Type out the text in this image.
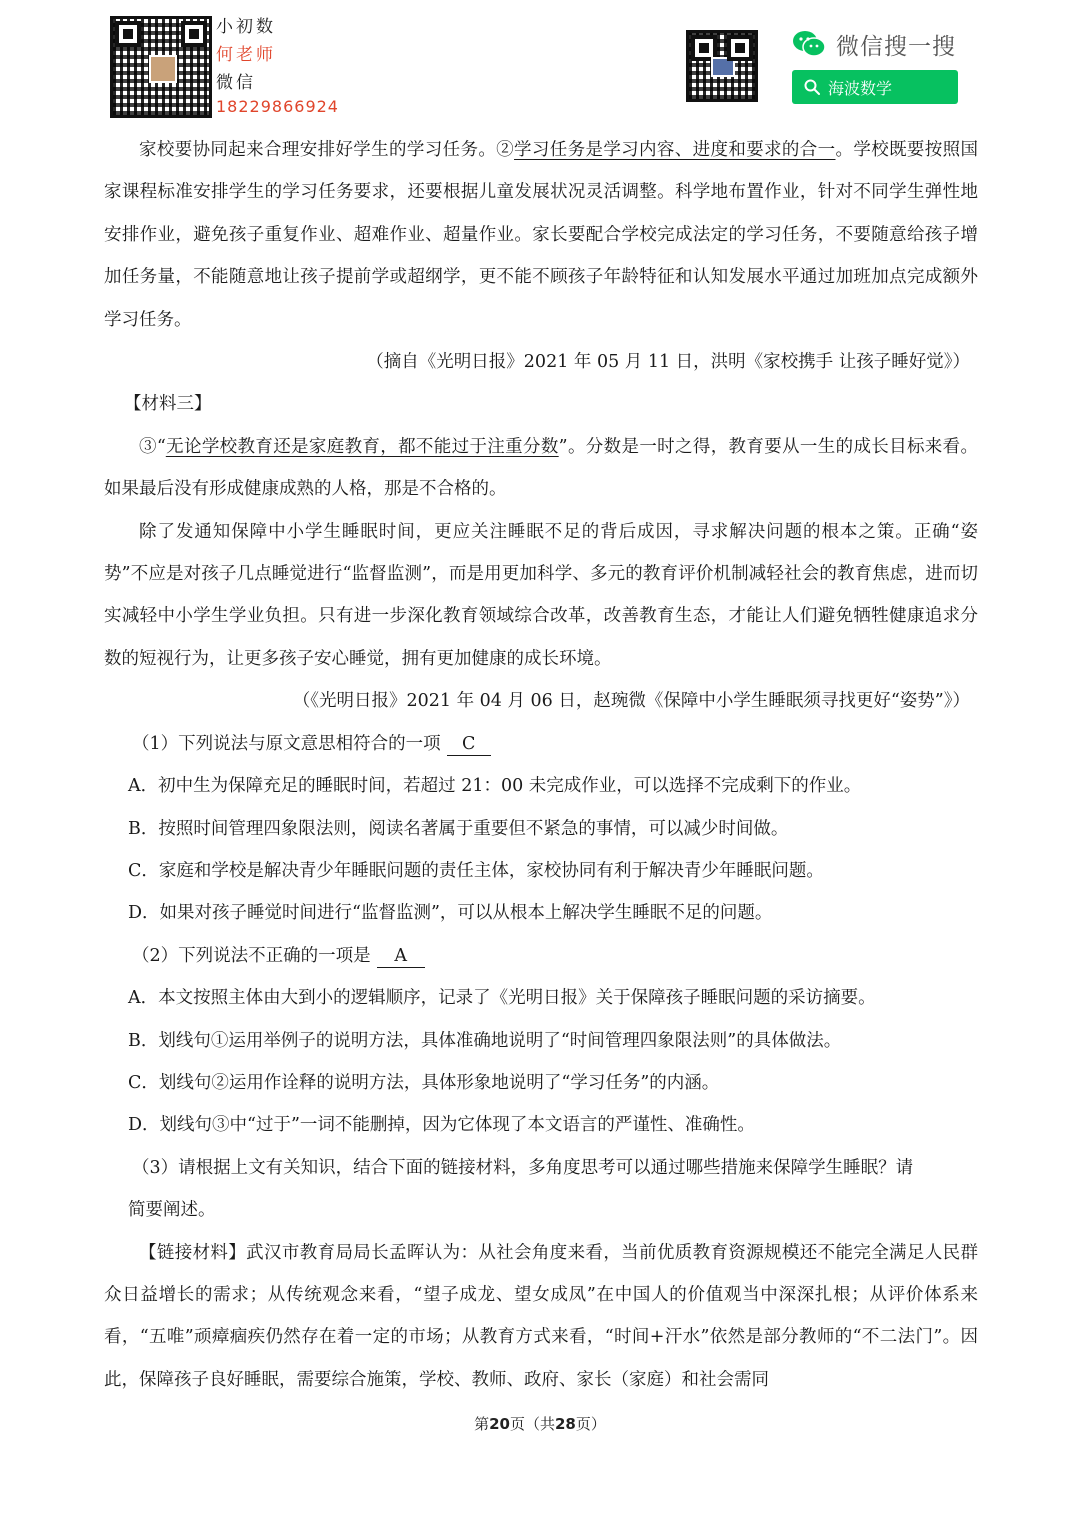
小初数
何老师
微信
18229866924
微信搜一搜
海波数学

家校要协同起来合理安排好学生的学习任务。②学习任务是学习内容、进度和要求的合一。学校既要按照国家课程标准安排学生的学习任务要求，还要根据儿童发展状况灵活调整。科学地布置作业，针对不同学生弹性地安排作业，避免孩子重复作业、超难作业、超量作业。家长要配合学校完成法定的学习任务，不要随意给孩子增加任务量，不能随意地让孩子提前学或超纲学，更不能不顾孩子年龄特征和认知发展水平通过加班加点完成额外学习任务。

（摘自《光明日报》2021 年 05 月 11 日，洪明《家校携手 让孩子睡好觉》）

【材料三】

③“无论学校教育还是家庭教育，都不能过于注重分数”。分数是一时之得，教育要从一生的成长目标来看。如果最后没有形成健康成熟的人格，那是不合格的。

除了发通知保障中小学生睡眠时间，更应关注睡眠不足的背后成因，寻求解决问题的根本之策。正确“姿势”不应是对孩子几点睡觉进行“监督监测”，而是用更加科学、多元的教育评价机制减轻社会的教育焦虑，进而切实减轻中小学生学业负担。只有进一步深化教育领域综合改革，改善教育生态，才能让人们避免牺牲健康追求分数的短视行为，让更多孩子安心睡觉，拥有更加健康的成长环境。

（《光明日报》2021 年 04 月 06 日，赵琬微《保障中小学生睡眠须寻找更好“姿势”》）

（1）下列说法与原文意思相符合的一项 C

A．初中生为保障充足的睡眠时间，若超过 21：00 未完成作业，可以选择不完成剩下的作业。

B．按照时间管理四象限法则，阅读名著属于重要但不紧急的事情，可以减少时间做。

C．家庭和学校是解决青少年睡眠问题的责任主体，家校协同有利于解决青少年睡眠问题。

D．如果对孩子睡觉时间进行“监督监测”，可以从根本上解决学生睡眠不足的问题。

（2）下列说法不正确的一项是 A

A．本文按照主体由大到小的逻辑顺序，记录了《光明日报》关于保障孩子睡眠问题的采访摘要。

B．划线句①运用举例子的说明方法，具体准确地说明了“时间管理四象限法则”的具体做法。

C．划线句②运用作诠释的说明方法，具体形象地说明了“学习任务”的内涵。

D．划线句③中“过于”一词不能删掉，因为它体现了本文语言的严谨性、准确性。

（3）请根据上文有关知识，结合下面的链接材料，多角度思考可以通过哪些措施来保障学生睡眠？请

简要阐述。

【链接材料】武汉市教育局局长孟晖认为：从社会角度来看，当前优质教育资源规模还不能完全满足人民群众日益增长的需求；从传统观念来看，“望子成龙、望女成凤”在中国人的价值观当中深深扎根；从评价体系来看，“五唯”顽瘴痼疾仍然存在着一定的市场；从教育方式来看，“时间+汗水”依然是部分教师的“不二法门”。因此，保障孩子良好睡眠，需要综合施策，学校、教师、政府、家长（家庭）和社会需同

第20页（共28页）
